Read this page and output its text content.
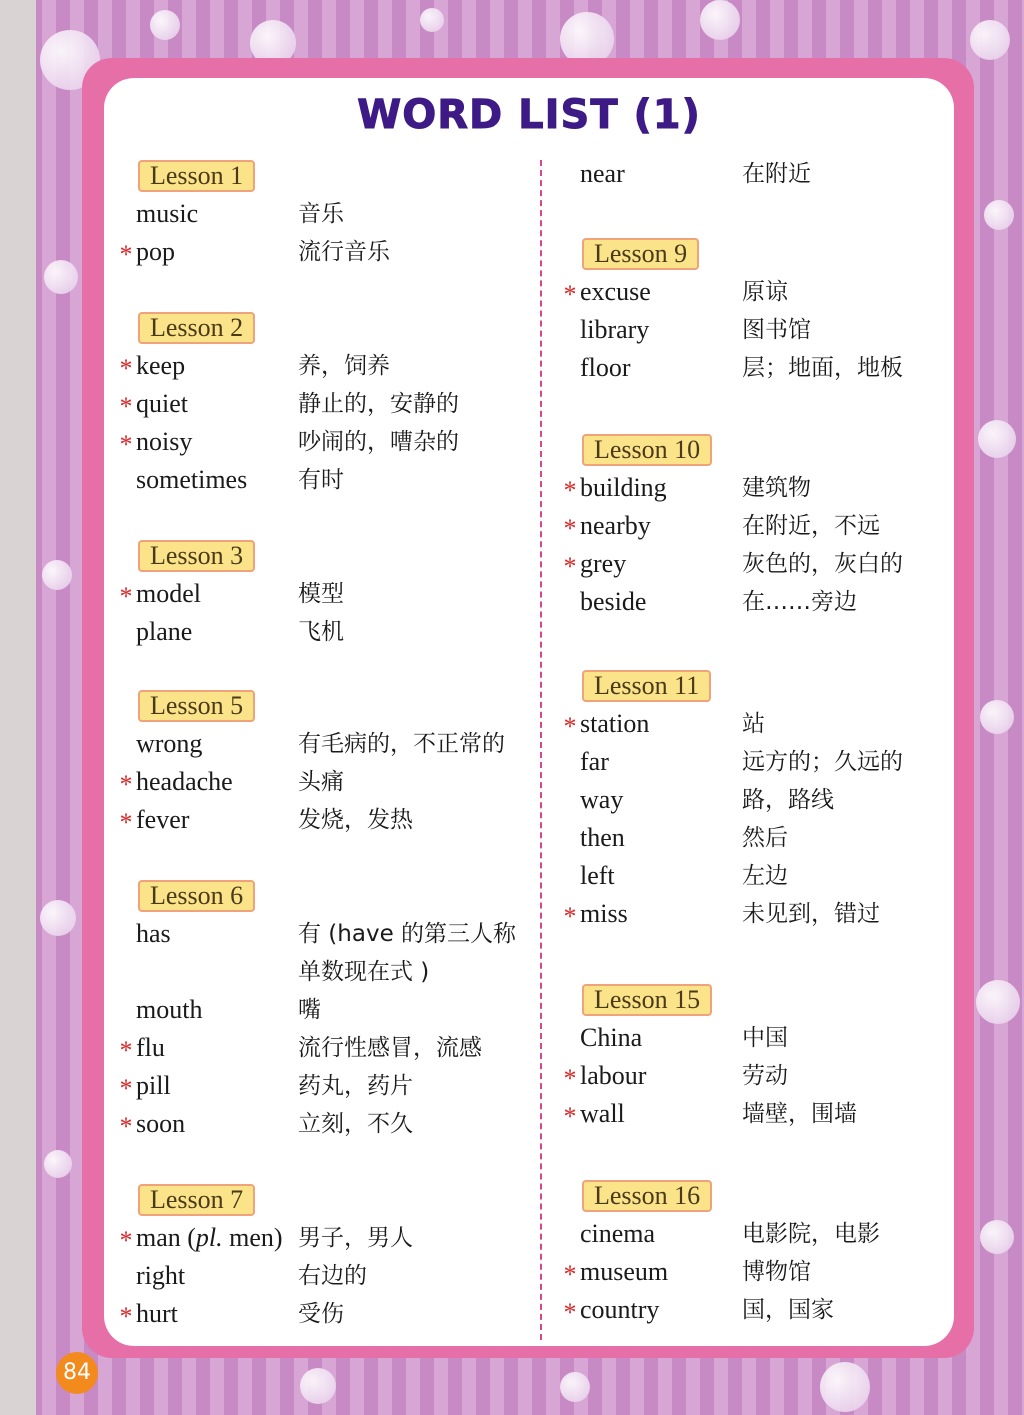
WORD LIST (1)
Lesson 1
music	音乐
* pop	流行音乐
Lesson 2
* keep	养，饲养
* quiet	静止的，安静的
* noisy	吵闹的，嘈杂的
sometimes 有时
Lesson 3
* model	模型
plane	飞机
Lesson 5
wrong	有毛病的，不正常的
* headache	头痛
* fever	发烧，发热
Lesson 6
has	有 (have 的第三人称
单数现在式 )
mouth	嘴
* flu	流行性感冒，流感
* pill	药丸，药片
* soon	立刻，不久
Lesson 7
* man (pl. men) 男子，男人
right	右边的
* hurt	受伤
near	在附近
Lesson 9
* excuse	原谅
library	图书馆
floor	层；地面，地板
Lesson 10
* building	建筑物
* nearby	在附近，不远
* grey	灰色的，灰白的
beside	在……旁边
Lesson 11
* station	站
far	远方的；久远的
way	路，路线
then	然后
left	左边
* miss	未见到，错过
Lesson 15
China	中国
* labour	劳动
* wall	墙壁，围墙
Lesson 16
cinema	电影院，电影
* museum	博物馆
* country	国，国家
84
